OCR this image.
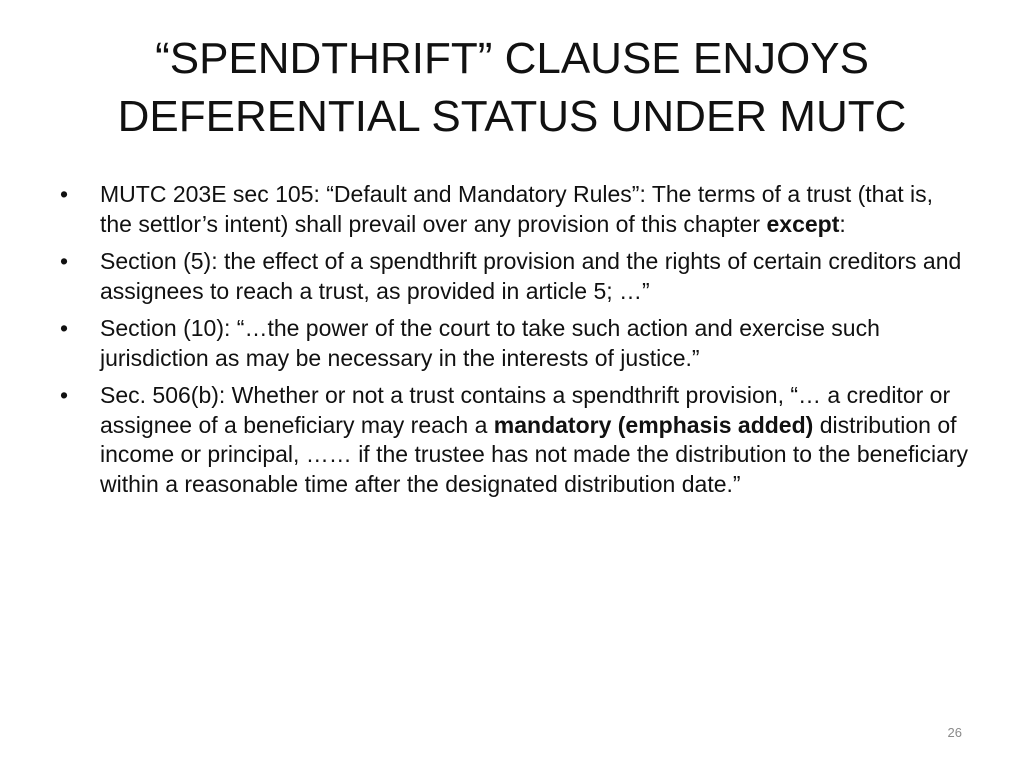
“SPENDTHRIFT” CLAUSE ENJOYS
DEFERENTIAL STATUS UNDER MUTC
•	MUTC 203E sec 105: “Default and Mandatory Rules”: The terms of a trust (that is, the settlor’s intent) shall prevail over any provision of this chapter except:
•	Section (5): the effect of a spendthrift provision and the rights of certain creditors and assignees to reach a trust, as provided in article 5; …”
•	Section (10): “…the power of the court to take such action and exercise such jurisdiction as may be necessary in the interests of justice.”
•	Sec. 506(b): Whether or not a trust contains a spendthrift provision, “… a creditor or assignee of a beneficiary may reach a mandatory (emphasis added) distribution of income or principal, …… if the trustee has not made the distribution to the beneficiary within a reasonable time after the designated distribution date.”
26
